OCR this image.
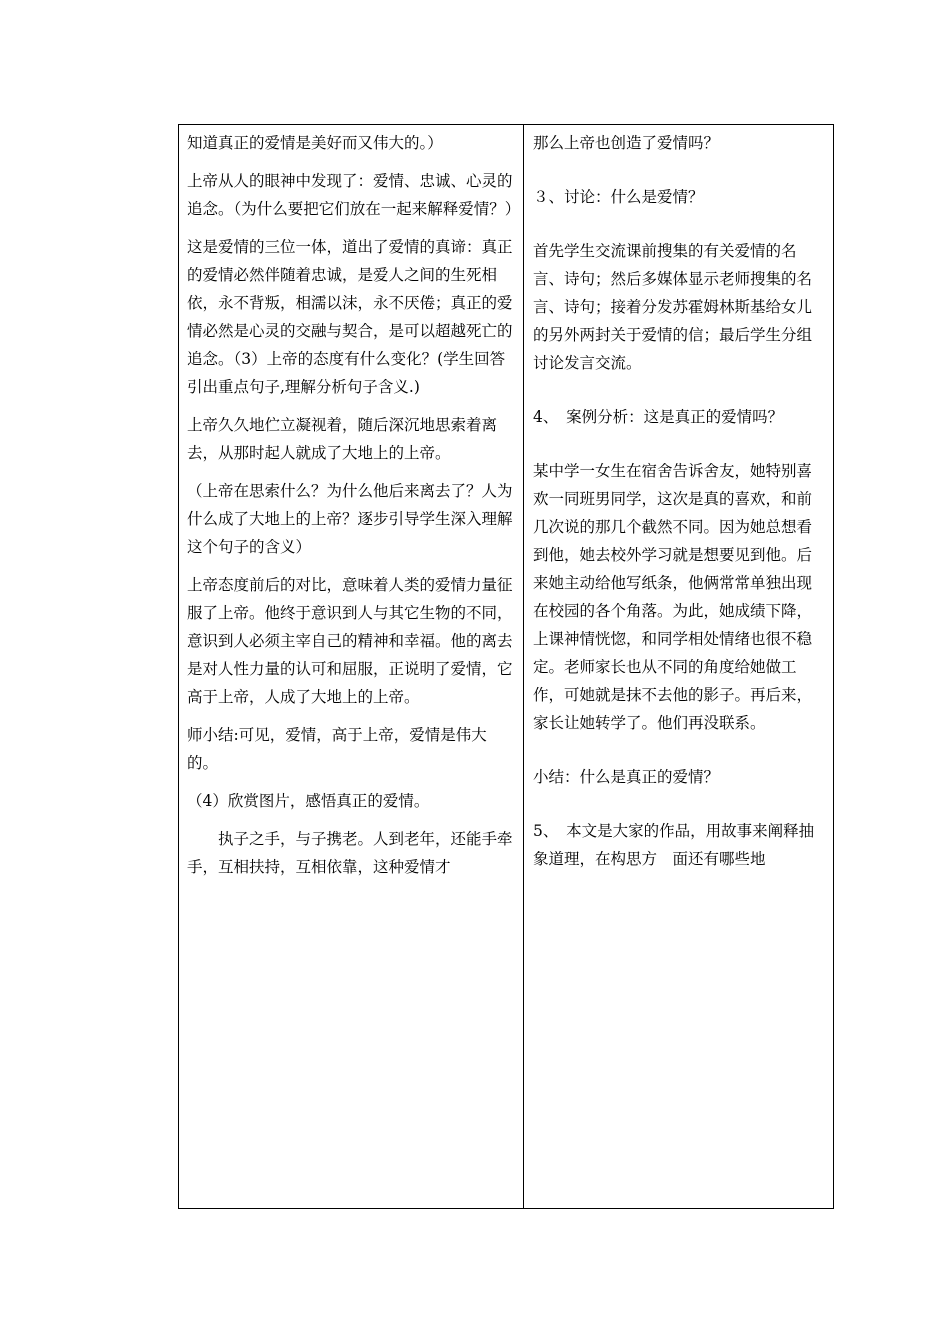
知道真正的爱情是美好而又伟大的。）

上帝从人的眼神中发现了：爱情、忠诚、心灵的追念。（为什么要把它们放在一起来解释爱情？）

这是爱情的三位一体，道出了爱情的真谛：真正的爱情必然伴随着忠诚，是爱人之间的生死相依，永不背叛，相濡以沫，永不厌倦；真正的爱情必然是心灵的交融与契合，是可以超越死亡的追念。（3）上帝的态度有什么变化？(学生回答引出重点句子,理解分析句子含义.)

上帝久久地伫立凝视着，随后深沉地思索着离去，从那时起人就成了大地上的上帝。

（上帝在思索什么？为什么他后来离去了？人为什么成了大地上的上帝？逐步引导学生深入理解这个句子的含义）

上帝态度前后的对比，意味着人类的爱情力量征服了上帝。他终于意识到人与其它生物的不同，意识到人必须主宰自己的精神和幸福。他的离去是对人性力量的认可和屈服，正说明了爱情，它高于上帝，人成了大地上的上帝。

师小结:可见，爱情，高于上帝，爱情是伟大的。

（4）欣赏图片，感悟真正的爱情。

执子之手，与子携老。人到老年，还能手牵手，互相扶持，互相依靠，这种爱情才

那么上帝也创造了爱情吗？

３、讨论：什么是爱情？

首先学生交流课前搜集的有关爱情的名言、诗句；然后多媒体显示老师搜集的名言、诗句；接着分发苏霍姆林斯基给女儿的另外两封关于爱情的信；最后学生分组讨论发言交流。

4、　案例分析：这是真正的爱情吗？

某中学一女生在宿舍告诉舍友，她特别喜欢一同班男同学，这次是真的喜欢，和前几次说的那几个截然不同。因为她总想看到他，她去校外学习就是想要见到他。后来她主动给他写纸条，他俩常常单独出现在校园的各个角落。为此，她成绩下降，上课神情恍惚，和同学相处情绪也很不稳定。老师家长也从不同的角度给她做工作，可她就是抹不去他的影子。再后来，家长让她转学了。他们再没联系。

小结：什么是真正的爱情？

5、　本文是大家的作品，用故事来阐释抽象道理，在构思方　面还有哪些地
